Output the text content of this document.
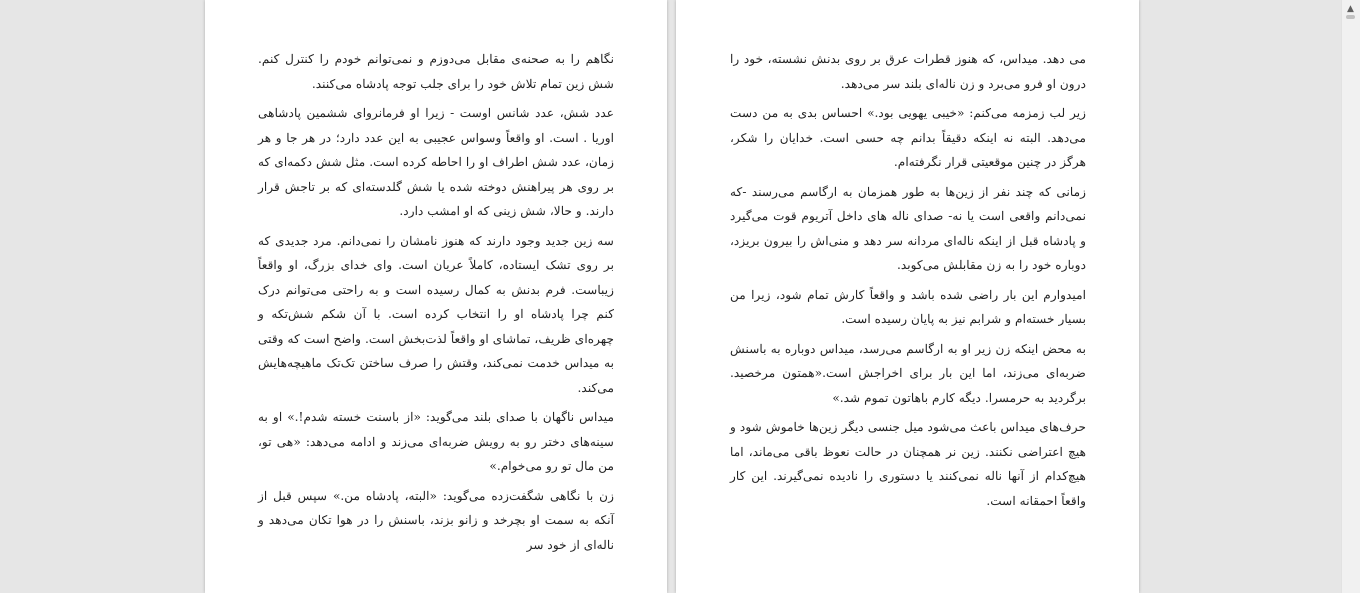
نگاهم را به صحنه‌ی مقابل می‌دوزم و نمی‌توانم خودم را کنترل کنم. شش زین تمام تلاش خود را برای جلب توجه پادشاه می‌کنند.

عدد شش، عدد شانس اوست - زیرا او فرمانروای ششمین پادشاهی اوریا . است. او واقعاً وسواس عجیبی به این عدد دارد؛ در هر جا و هر زمان، عدد شش اطراف او را احاطه کرده است. مثل شش دکمه‌ای که بر روی هر پیراهنش دوخته شده یا شش گلدسته‌ای که بر تاجش قرار دارند. و حالا، شش زینی که او امشب دارد.

سه زین جدید وجود دارند که هنوز نامشان را نمی‌دانم. مرد جدیدی که بر روی تشک ایستاده، کاملاً عریان است. وای خدای بزرگ، او واقعاً زیباست. فرم بدنش به کمال رسیده است و به راحتی می‌توانم درک کنم چرا پادشاه او را انتخاب کرده است. با آن شکم شش‌تکه و چهره‌ای ظریف، تماشای او واقعاً لذت‌بخش است. واضح است که وقتی به میداس خدمت نمی‌کند، وقتش را صرف ساختن تک‌تک ماهیچه‌هایش می‌کند.

میداس ناگهان با صدای بلند می‌گوید: «از باسنت خسته شدم!.» او به سینه‌های دختر رو به رویش ضربه‌ای می‌زند و ادامه می‌دهد: «هی تو، من مال تو رو می‌خوام.»

زن با نگاهی شگفت‌زده می‌گوید: «البته، پادشاه من.» سپس قبل از آنکه به سمت او بچرخد و زانو بزند، باسنش را در هوا تکان می‌دهد و ناله‌ای از خود سر

می دهد. میداس، که هنوز قطرات عرق بر روی بدنش نشسته، خود را درون او فرو می‌برد و زن ناله‌ای بلند سر می‌دهد.

زیر لب زمزمه می‌کنم: «خیبی یهویی بود.» احساس بدی به من دست می‌دهد. البته نه اینکه دقیقاً بدانم چه حسی است. خدایان را شکر، هرگز در چنین موقعیتی قرار نگرفته‌ام.

زمانی که چند نفر از زین‌ها به طور همزمان به ارگاسم می‌رسند -که نمی‌دانم واقعی است یا نه- صدای ناله های داخل آتریوم قوت می‌گیرد و پادشاه قبل از اینکه ناله‌ای مردانه سر دهد و منی‌اش را بیرون بریزد، دوباره خود را به زن مقابلش می‌کوبد.

امیدوارم این بار راضی شده باشد و واقعاً کارش تمام شود، زیرا من بسیار خسته‌ام و شرابم نیز به پایان رسیده است.

به محض اینکه زن زیر او به ارگاسم می‌رسد، میداس دوباره به باسنش ضربه‌ای می‌زند، اما این بار برای اخراجش است.«همتون مرخصید. برگردید به حرمسرا. دیگه کارم باهاتون تموم شد.»

حرف‌های میداس باعث می‌شود میل جنسی دیگر زین‌ها خاموش شود و هیچ اعتراضی نکنند. زین نر همچنان در حالت نعوظ باقی می‌ماند، اما هیچ‌کدام از آنها ناله نمی‌کنند یا دستوری را نادیده نمی‌گیرند. این کار واقعاً احمقانه است.

▲
